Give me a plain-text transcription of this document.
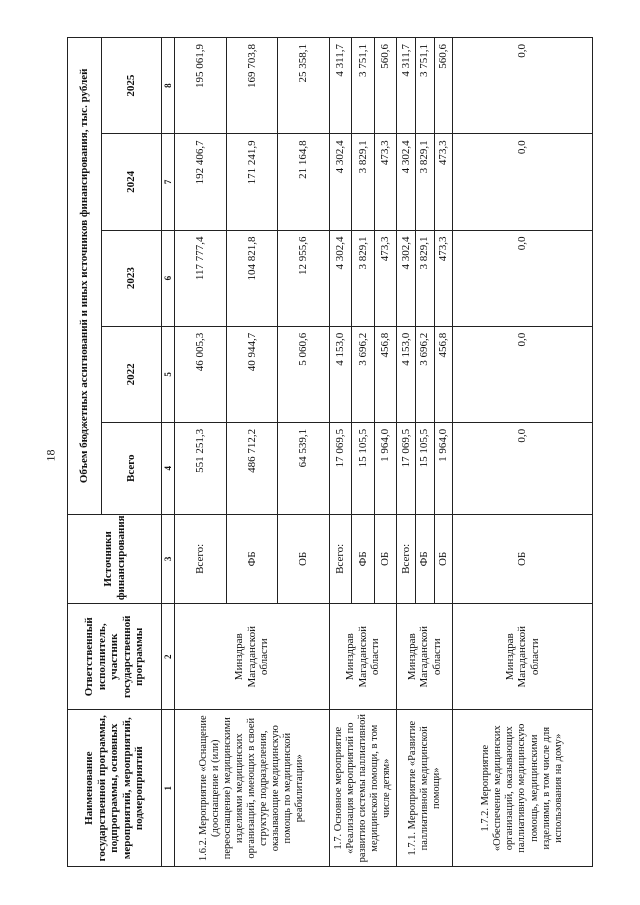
18
Наименование государственной программы, подпрограммы, основных мероприятий, мероприятий, подмероприятий	Ответственный исполнитель, участник государственной программы	Источники финансирования	Объем бюджетных ассигнований и иных источников финансирования, тыс. рублей				
			Всего	2022	2023	2024	2025
1	2	3	4	5	6	7	8
1.6.2. Мероприятие «Оснащение (дооснащение и (или) переоснащение) медицинскими изделиями медицинских организаций, имеющих в своей структуре подразделения, оказывающие медицинскую помощь по медицинской реабилитации»	Минздрав Магаданской области	Всего:	551 251,3	46 005,3	117 777,4	192 406,7	195 061,9
		ФБ	486 712,2	40 944,7	104 821,8	171 241,9	169 703,8
		ОБ	64 539,1	5 060,6	12 955,6	21 164,8	25 358,1
1.7. Основное мероприятие «Реализация мероприятий по развитию системы паллиативной медицинской помощи, в том числе детям»	Минздрав Магаданской области	Всего:	17 069,5	4 153,0	4 302,4	4 302,4	4 311,7
		ФБ	15 105,5	3 696,2	3 829,1	3 829,1	3 751,1
		ОБ	1 964,0	456,8	473,3	473,3	560,6
1.7.1. Мероприятие «Развитие паллиативной медицинской помощи»	Минздрав Магаданской области	Всего:	17 069,5	4 153,0	4 302,4	4 302,4	4 311,7
		ФБ	15 105,5	3 696,2	3 829,1	3 829,1	3 751,1
		ОБ	1 964,0	456,8	473,3	473,3	560,6
1.7.2. Мероприятие «Обеспечение медицинских организаций, оказывающих паллиативную медицинскую помощь, медицинскими изделиями, в том числе для использования на дому»	Минздрав Магаданской области	ОБ	0,0	0,0	0,0	0,0	0,0
